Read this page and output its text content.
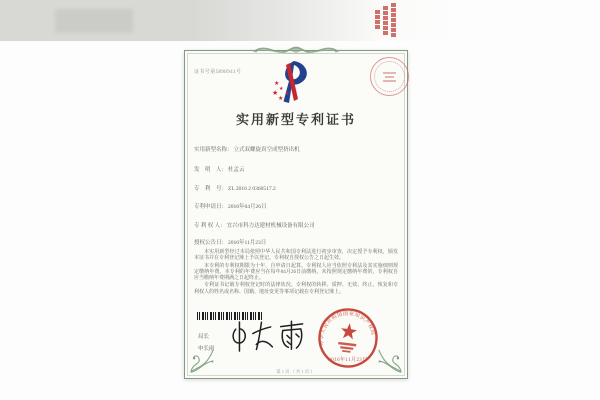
证书号第5898941号
★
★ ★
★
★
实用新型专利证书
实用新型名称：立式双螺旋真空成型挤出机
发　明　人：杜孟云
专　利　号：ZL 2016 2 0360517.2
专利申请日：2016年04月26日
专 利 权 人：宜兴市科力达建材机械设备有限公司
授权公告日：2016年11月23日

本实用新型经过本局依照中华人民共和国专利法进行初步审查，决定授予专利权，颁发本证书并在专利登记簿上予以登记。专利权自授权公告之日起生效。

本专利的专利权期限为十年，自申请日起算。专利权人应当依照专利法及其实施细则规定缴纳年费。本专利的年费应当在每年04月26日前缴纳。未按照规定缴纳年费的，专利权自应当缴纳年费期满之日起终止。

专利证书记载专利权登记时的法律状况。专利权的转移、质押、无效、终止、恢复和专利权人的姓名或名称、国籍、地址变更等事项记载在专利登记簿上。

局长
申长雨
中华人民共和国国家知识产权局
2016年11月23日
第1页（共1页）
